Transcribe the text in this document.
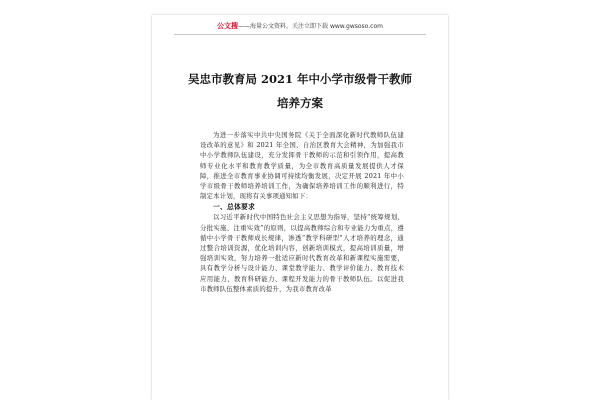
公文搜——海量公文资料，关注立即下载 www.gwsoso.com
吴忠市教育局 2021 年中小学市级骨干教师
培养方案

为进一步落实中共中央国务院《关于全面深化新时代教师队伍建设改革的意见》和 2021 年全国、自治区教育大会精神，为加强我市中小学教师队伍建设，充分发挥骨干教师的示范和引领作用，提高教师专业化水平和教育教学质量，为全市教育高质量发展提供人才保障，推进全市教育事业协调可持续均衡发展，决定开展 2021 年中小学市级骨干教师培养培训工作，为确保培养培训工作的顺利进行，特制定本计划，现将有关事项通知如下：

一、总体要求

以习近平新时代中国特色社会主义思想为指导，坚持“统筹规划、分批实施、注重实效”的原则，以提高教师综合和专业能力为重点，遵循中小学骨干教师成长规律，渗透“教学科研型”人才培养的理念，通过整合培训资源，优化培训内容，创新培训模式，提高培训质量，增强培训实效，努力培养一批适应新时代教育改革和新课程实施需要，具有教学分析与设计能力、课堂教学能力、教学评价能力、教育技术应用能力、教育科研能力、课程开发能力的骨干教师队伍。以促进我市教师队伍整体素质的提升，为我市教育改革
